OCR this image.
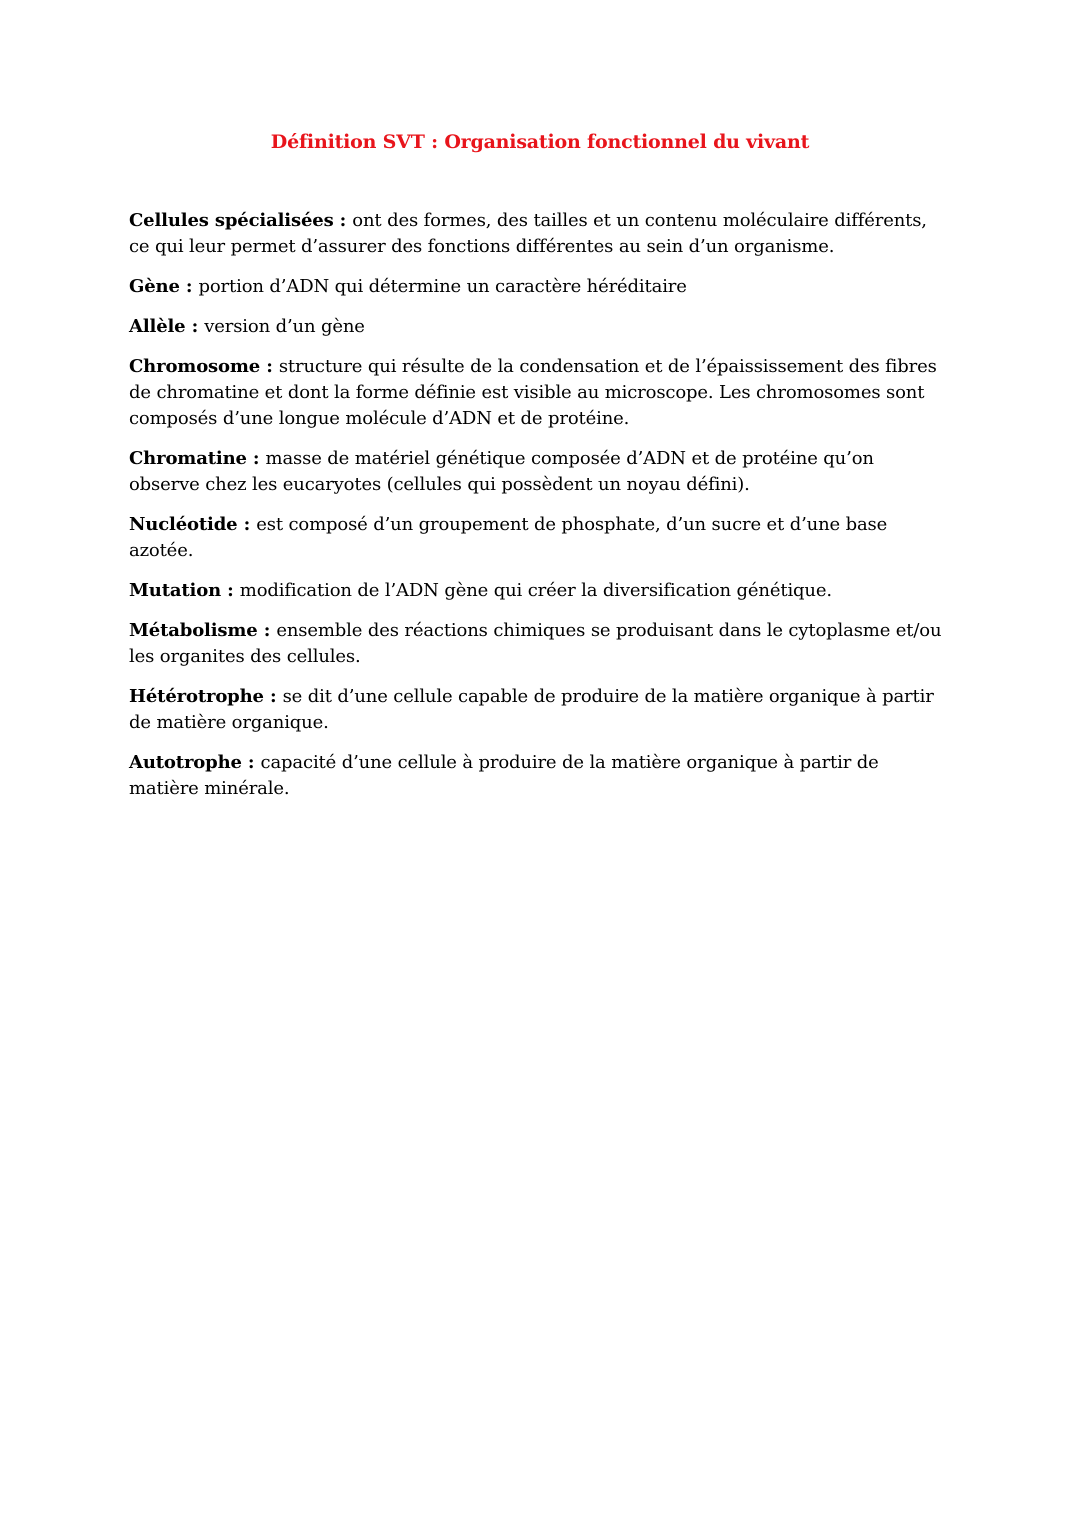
Définition SVT : Organisation fonctionnel du vivant
Cellules spécialisées : ont des formes, des tailles et un contenu moléculaire différents, ce qui leur permet d’assurer des fonctions différentes au sein d’un organisme.
Gène : portion d’ADN qui détermine un caractère héréditaire
Allèle : version d’un gène
Chromosome : structure qui résulte de la condensation et de l’épaississement des fibres de chromatine et dont la forme définie est visible au microscope. Les chromosomes sont composés d’une longue molécule d’ADN et de protéine.
Chromatine : masse de matériel génétique composée d’ADN et de protéine qu’on observe chez les eucaryotes (cellules qui possèdent un noyau défini).
Nucléotide : est composé d’un groupement de phosphate, d’un sucre et d’une base azotée.
Mutation : modification de l’ADN gène qui créer la diversification génétique.
Métabolisme : ensemble des réactions chimiques se produisant dans le cytoplasme et/ou les organites des cellules.
Hétérotrophe : se dit d’une cellule capable de produire de la matière organique à partir de matière organique.
Autotrophe : capacité d’une cellule à produire de la matière organique à partir de matière minérale.
